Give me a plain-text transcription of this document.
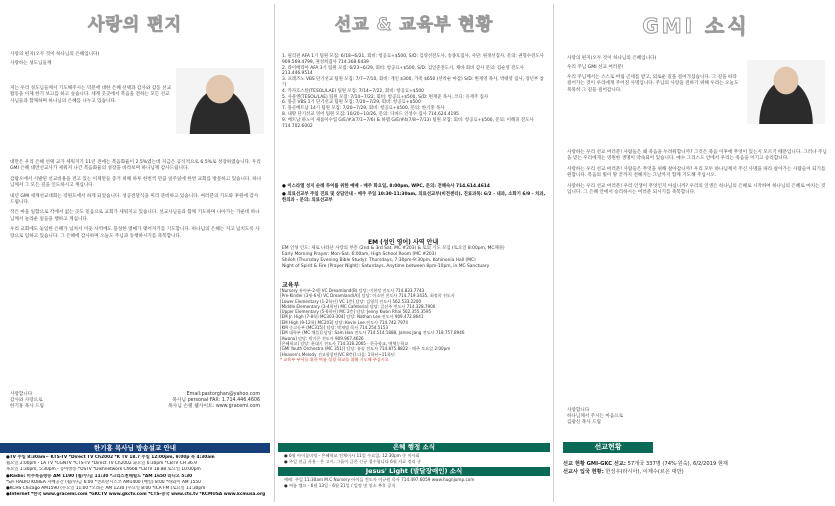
사랑의 편지

사랑의 편지(오두 것이 하나님의 은혜입니다)

사랑하는 성도님들께

저는 우리 성도님들께서 기도해주시는 덕분에 대한 은혜 선택과 감사와 감동 선교활동을 이제 한기 보고를 하고 싶습니다. 세계 곳곳에서 복음을 전하는 모든 선교사님들과 함께하며 하나님의 은혜를 나누고 있습니다.

대만은 우리 은혜 선택 교가 세워지기 11년 전에는 복음화율이 2.5%였는데 지금은 공식적으로 6.5%로 성장하였습니다. 우리 GMI 은혜 대만선교사가 세워져 나간 복음화율의 성장을 바라보며 하나님께 감사드립니다.

감람오에서 시발된 선교비용을 전고 있는 이제만들 증거 위해 하루 한번씩 만큼 일주일에 한번 교회를 방문하고 있습니다. 하나님께서 그 모든 길을 인도하시고 계십니다.

내년 GMI 세계선교대회는 강원도에서 하게 되었습니다. 성공전달식을 미리 준비하고 있습니다. 여러분의 기도와 후원에 감사드립니다.

작은 마을 일함으로 각에서 없는 곳도 믿음으로 교회가 세워지고 있습니다. 선교사님들과 함께 기도하며 나아가는 가운데 하나님께서 놀라운 일들을 행하고 계십니다.

우리 교회에도 놓임한 은혜가 넘쳐서 이웃 사역에도 풍성한 열매가 맺어지기를 기도합니다. 하나님의 은혜는 지고 넘치도록 사랑으로 임하고 있습니다. 그 은혜에 감사하며 오늘도 주님과 동행하시기를 축복합니다.

사랑합니다
감사와 사랑으로
한기홍 목사 드림
Email:pastorghan@yahoo.com
목사님 personal FAX: 1.714.446.4606
목사님 손렬 웹사이트: www.gracemi.com
한기홍 목사님 방송설교 안내
선교 & 교육부 현황
1. 필리핀 AFA 1기 팀원 모집: 6/18~6/21, 회비: 항공료+$500, S/D: 김영선전도사, 송종호집사, 사단: 원정선집사, 문의: 권형수전도사 909.569.4799, 권성희집사 714.368.6439
2. 라이베리아 AFA 3기 팀원 모집: 6/23~6/29, 회비: 항공료+$500, S/D: 김일준전도사, 채바 회비 감사 문의: 김순영 전도사 213.446.9514
3. 프레즈노 VBS 단기선교 팀원 모집: 7/7~7/10, 회비: 개인 $300, 가족 $650 (선착순 마감) S/D: 변재영 목사, 박태영 집사, 장년부 참가
4. 카자흐스탄(TESOL/LAE) 팀원 모집: 7/14~7/22, 회비: 항공료+$500
5. 사물엔(TESOL/LAE) 팀원 모집: 7/14~7/22, 회비: 항공료+$500, S/D: 변재준 목사, 코디: 유재주 집사
6. 몽골 VBS 1기 단기선교 팀원 모집: 7/20~7/29, 회비: 항공료+$500
7. 몽골베트남 14기 팀원 모집: 7/20~7/29, 회비: 항공료+$500, 문의: 한기홍 목사
8. 내땅 단기선교 영어 팀원 모집: 10/20~10/26, 문의: 디바드 인성수 집사 714.624.4195
9. 배트남 하노이 새롭이수업 G/E/#3(7/1~7/6) & 하렘 G/E/#4(7/8~7/13) 팀원 모집: 회비: 항공료+$500, 문의: 이해피 전도사 714.702.6002
● 이스라엘 성지 순례 투어를 위한 예배 - 매주 화요일, 8:00pm, WPC, 문의: 전혜숙사 714.614.4614
● 의료선교부 주일 진료 및 상담안내 - 매주 주일 10:30-11:30am, 의료선교부(비전센터), 진료과목: 6/2 - 내과, 소화기 6/9 - 치과, 한의과 - 문의: 의료선교부
EM (성인 영어) 사역 안내
EM 인성 인도: 새로 나타난 사랑의 부흥 (2nd & 3rd Sat. MC #203) & 토의 기도 모임 (토요일 8:00pm, MC채플)
Early Morning Prayer: Mon-Sat. 6:00am, High School Room (MC #203)
Shiloh (Thursday Evening Bible Study): Thursdays, 7:30pm-9:30pm, Kohinonia Hall (MC)
Night of Spirit & Fire (Prayer Night): Saturdays, Anytime between 8pm-10pm, in MC Sanctuary
교육부
[Nursery 유아부-2세] VC Dreamland(B) 담당: 이현정 전도사 714.833.7743
[Pre-Kinder (3세-6세) VC Dreamland(A)] 담당: 이소연 전도사 714.719.3435, 최정희 전도사
[Lower Elementary (1-2학년) VC 1층] 담당: 김영희 전도사 562.533.2200
[Middle Elementary (3-4학년) MC Cafeteria] 담당: 길선주 전도사 714.328.7900
[Upper Elementary (5-6학년) MC 2층] 담당: Jenny Kwon Rhai 562.355.3595
[EM Jr. High (7-8학) MC303-304] 담당: Nathan Lee 전도사 909.472.8641
[EM High (9-12학) MC203] 담당: Kevin Lee 전도사 714.742.7974
[KM 중고등부 (MC315)] 담당: 박재범 목사 714.254.5153
[EM 대학부 (MC 채플)] 담당: Sam Han 전도사 714.514.1888, James Jang 전도사 718.757.8946
[Awana] 담당: 박기은 전도사 909.967.4626
[은혜학교] 담당: 윤대기 전도사 714.318.2065 - 한국학교, 예체능학교
[GMI Youth Orchestra (MC 351)] 담당: 유솔 전도사 714.875.8822 - 매주 토요일 2:00pm
[Heaven's Melody 선교합창단(VC 8층)] 다음: 1학년~11학년
* 교육부 부서를 위한 여름 성경 학교를 위해 기도해 주십시오
은혜 행정 소식
● 6월 아이돌미팅 - 은혜학교 전체이사 11일 수요일, 12:30pm 중 이사회
● 주일 헌금 사용 - 은 고시, 그룹이 금은 신규 접수합니다 6월 자료 정리 중
Jesus' Light (발달장애인) 소식
예배: 주일 11:30am M.C Nursery 아이들 전도사 이규원 목사 714.497.6059 www.hugnjump.com
● 여름 캠프 - 6월 13일 - 6월 21일 / 일정 및 장소 추후 공지
GMI 소식

사랑의 편지(오두 것이 하나님의 은혜입니다)

우리 주님 GMI 선교 여러분!

우리 주님께서는 스스로 버림 곤세를 받고, 외로운 길을 걸어가셨습니다. 그 길을 따라 걸어가는 것이 우리에게 주어진 사명입니다. 주님의 사랑을 전하기 위해 우리는 오늘도 묵묵히 그 길을 걸어갑니다.

사랑하는 우리 선교 여러분! 사람들은 왜 죽음을 두려워합니까? 그것은 죽음 이후에 무엇이 있는지 모르기 때문입니다. 그러나 주님을 믿는 우리에게는 영원한 생명이 약속되어 있습니다. 예수 그리스도 안에서 우리는 죽음을 이기고 승리합니다.

사랑하는 우리 선교 여러분! 사람들은 무엇을 위해 살아갑니까? 우리 모두 하나님께서 주신 사명을 따라 살아가는 사람들이 되기를 원합니다. 복음의 빛이 땅 끝까지 전해지는 그날까지 함께 기도해 주십시오.

사랑하는 우리 선교 여러분! 우리 인생이 무엇인지 아십니까? 우리의 인생은 하나님의 은혜로 시작하여 하나님의 은혜로 마치는 것입니다. 그 은혜 안에서 승리하시는 여러분 되시기를 축복합니다.

사랑합니다
하나님께서 주시는 마음으로
김광신 목사 드림
선교현황
선교 현황 GMI-GKC 선교: 57개국 337명 (74%·원숙), 6/2/2019 현재
선교사 입국 현황: 한성우(라시아), 이제수(르온 대만)
●TV 주일 8:30am~ KTS-TV *Direct TV Ch2002 *K TV 18.7 주일 12:00pm, 9:00p 목 4:30am
월요일 2:00pm - LA TV *CGNTV *CTS-TV *Direct TV Ch2002 화요일 6:30pm *CBTV CH 36.9
목요일 1:30pm, 5:30pm - 동아방송 *OSTV *Dishnetwork Ch668 *CBTV 18.88 토요일 10:00pm
●Radio: 미주복음방송 AM 1190 (월/수/금 11:30 *크리스천헤럴드 *AM 1650 라디오 5:30
*S/F RADIO KOREA 자매공간 (월/수/금 6:00 *샌프란시스코 AM1400 (매일) 8:00 *하와이 AM 1550
●KCHS Chicago AM1590 (수요일 11:00 *오레곤 AM 1230 (수요일 8:00 *ICA FM (토요일 11:30pm
●Internet *한국 www.gracemi.com *GKCTV www.gkctv.com *CTS-중국 www.cts.tv *KCMUSA www.kcmusa.org
